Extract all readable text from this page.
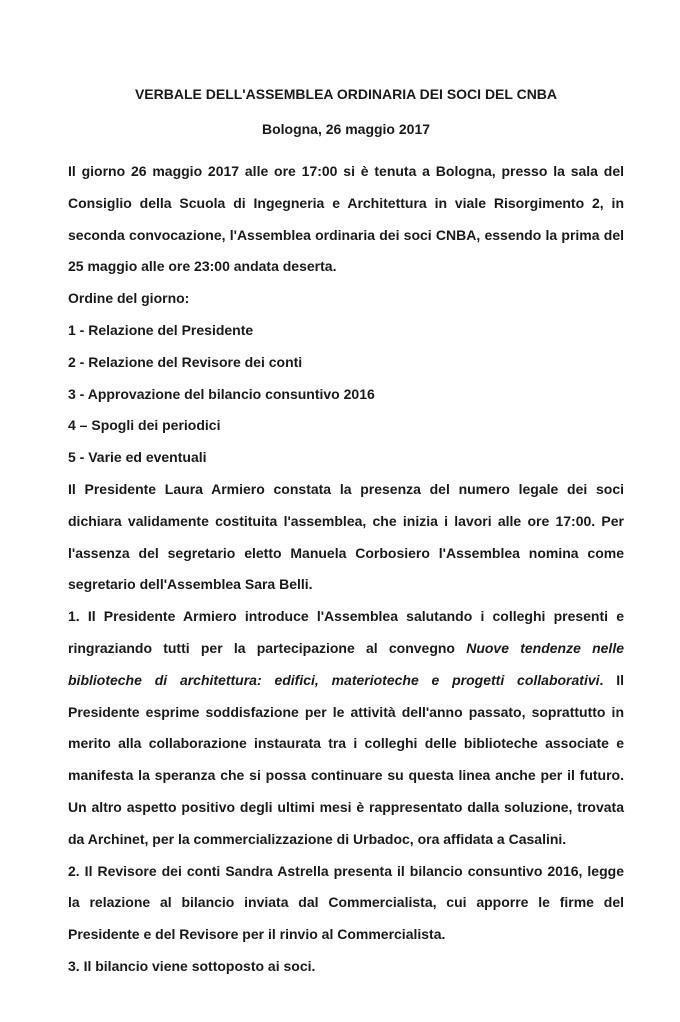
VERBALE DELL'ASSEMBLEA ORDINARIA DEI SOCI DEL CNBA

Bologna, 26 maggio 2017

Il giorno 26 maggio 2017 alle ore 17:00 si è tenuta a Bologna, presso la sala del Consiglio della Scuola di Ingegneria e Architettura in viale Risorgimento 2, in seconda convocazione, l'Assemblea ordinaria dei soci CNBA, essendo la prima del 25 maggio alle ore 23:00 andata deserta.

Ordine del giorno:

1 - Relazione del Presidente

2 - Relazione del Revisore dei conti

3 - Approvazione del bilancio consuntivo 2016

4 – Spogli dei periodici

5 - Varie ed eventuali

Il Presidente Laura Armiero constata la presenza del numero legale dei soci dichiara validamente costituita l'assemblea, che inizia i lavori alle ore 17:00. Per l'assenza del segretario eletto Manuela Corbosiero l'Assemblea nomina come segretario dell'Assemblea Sara Belli.

1. Il Presidente Armiero introduce l'Assemblea salutando i colleghi presenti e ringraziando tutti per la partecipazione al convegno Nuove tendenze nelle biblioteche di architettura: edifici, materioteche e progetti collaborativi. Il Presidente esprime soddisfazione per le attività dell'anno passato, soprattutto in merito alla collaborazione instaurata tra i colleghi delle biblioteche associate e manifesta la speranza che si possa continuare su questa linea anche per il futuro. Un altro aspetto positivo degli ultimi mesi è rappresentato dalla soluzione, trovata da Archinet, per la commercializzazione di Urbadoc, ora affidata a Casalini.

2. Il Revisore dei conti Sandra Astrella presenta il bilancio consuntivo 2016, legge la relazione al bilancio inviata dal Commercialista, cui apporre le firme del Presidente e del Revisore per il rinvio al Commercialista.

3. Il bilancio viene sottoposto ai soci.
